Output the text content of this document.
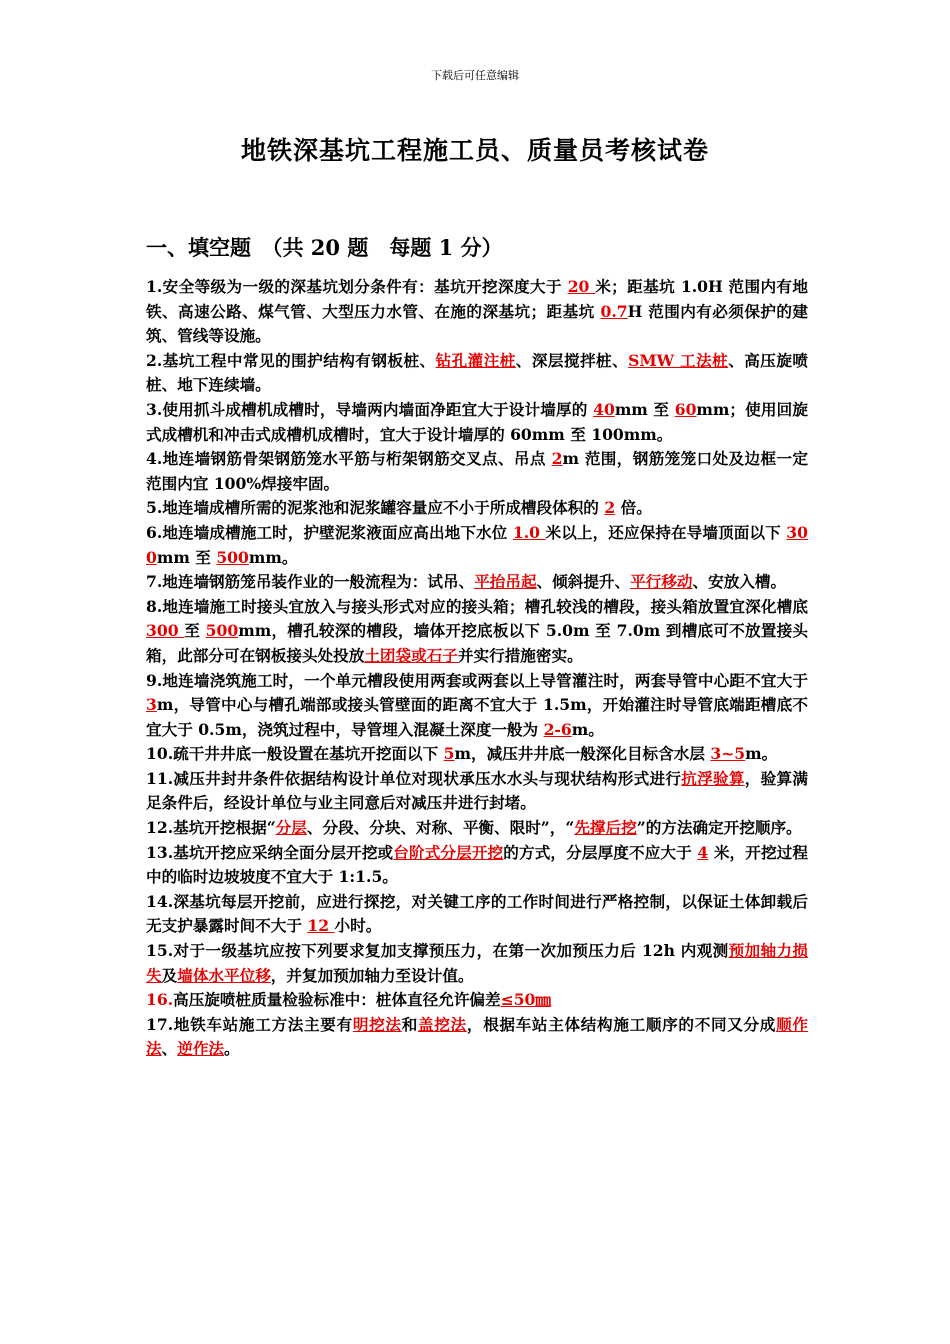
下载后可任意编辑
地铁深基坑工程施工员、质量员考核试卷
一、填空题　（共 20 题　每题 1 分）

1.安全等级为一级的深基坑划分条件有：基坑开挖深度大于 20 米；距基坑 1.0H 范围内有地铁、高速公路、煤气管、大型压力水管、在施的深基坑；距基坑 0.7H 范围内有必须保护的建筑、管线等设施。

2.基坑工程中常见的围护结构有钢板桩、钻孔灌注桩、深层搅拌桩、SMW 工法桩、高压旋喷桩、地下连续墙。

3.使用抓斗成槽机成槽时，导墙两内墙面净距宜大于设计墙厚的 40mm 至 60mm；使用回旋式成槽机和冲击式成槽机成槽时，宜大于设计墙厚的 60mm 至 100mm。

4.地连墙钢筋骨架钢筋笼水平筋与桁架钢筋交叉点、吊点 2m 范围，钢筋笼笼口处及边框一定范围内宜 100%焊接牢固。

5.地连墙成槽所需的泥浆池和泥浆罐容量应不小于所成槽段体积的 2 倍。

6.地连墙成槽施工时，护壁泥浆液面应高出地下水位 1.0 米以上，还应保持在导墙顶面以下 300mm 至 500mm。

7.地连墙钢筋笼吊装作业的一般流程为：试吊、平抬吊起、倾斜提升、平行移动、安放入槽。

8.地连墙施工时接头宜放入与接头形式对应的接头箱；槽孔较浅的槽段，接头箱放置宜深化槽底 300 至 500mm，槽孔较深的槽段，墙体开挖底板以下 5.0m 至 7.0m 到槽底可不放置接头箱，此部分可在钢板接头处投放土团袋或石子并实行措施密实。

9.地连墙浇筑施工时，一个单元槽段使用两套或两套以上导管灌注时，两套导管中心距不宜大于 3m，导管中心与槽孔端部或接头管壁面的距离不宜大于 1.5m，开始灌注时导管底端距槽底不宜大于 0.5m，浇筑过程中，导管埋入混凝土深度一般为 2-6m。

10.疏干井井底一般设置在基坑开挖面以下 5m，减压井井底一般深化目标含水层 3~5m。

11.减压井封井条件依据结构设计单位对现状承压水水头与现状结构形式进行抗浮验算，验算满足条件后，经设计单位与业主同意后对减压井进行封堵。

12.基坑开挖根据“分层、分段、分块、对称、平衡、限时”，“先撑后挖”的方法确定开挖顺序。

13.基坑开挖应采纳全面分层开挖或台阶式分层开挖的方式，分层厚度不应大于 4 米，开挖过程中的临时边坡坡度不宜大于 1:1.5。

14.深基坑每层开挖前，应进行探挖，对关键工序的工作时间进行严格控制，以保证土体卸载后无支护暴露时间不大于 12 小时。

15.对于一级基坑应按下列要求复加支撑预压力，在第一次加预压力后 12h 内观测预加轴力损失及墙体水平位移，并复加预加轴力至设计值。

16.高压旋喷桩质量检验标准中：桩体直径允许偏差≤50㎜

17.地铁车站施工方法主要有明挖法和盖挖法，根据车站主体结构施工顺序的不同又分成顺作法、逆作法。
